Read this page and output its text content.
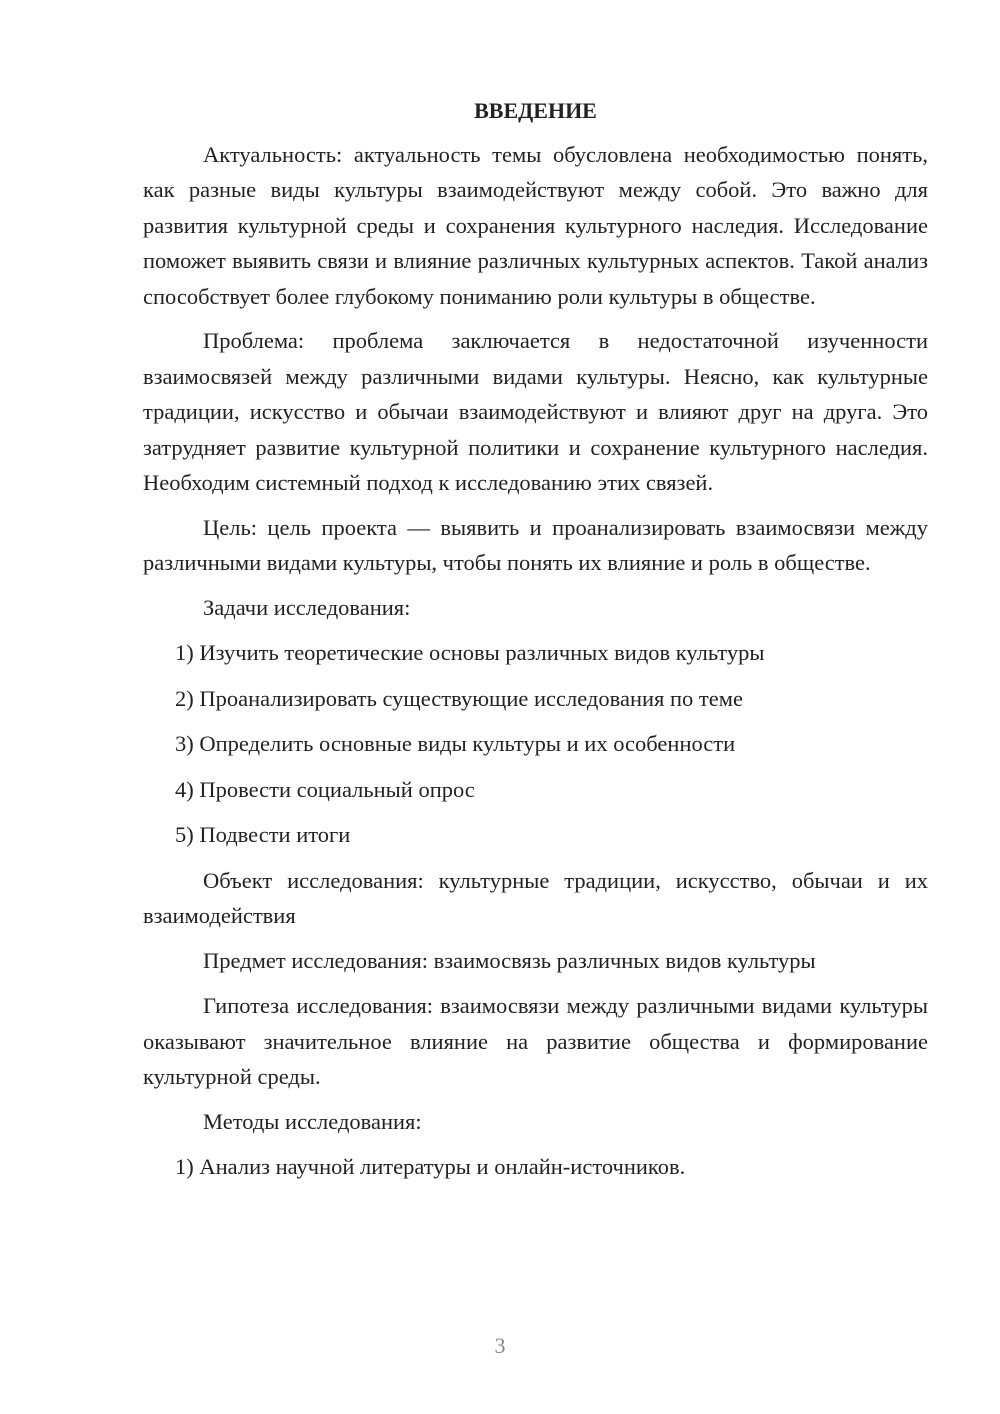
ВВЕДЕНИЕ

Актуальность: актуальность темы обусловлена необходимостью понять, как разные виды культуры взаимодействуют между собой. Это важно для развития культурной среды и сохранения культурного наследия. Исследование поможет выявить связи и влияние различных культурных аспектов. Такой анализ способствует более глубокому пониманию роли культуры в обществе.

Проблема: проблема заключается в недостаточной изученности взаимосвязей между различными видами культуры. Неясно, как культурные традиции, искусство и обычаи взаимодействуют и влияют друг на друга. Это затрудняет развитие культурной политики и сохранение культурного наследия. Необходим системный подход к исследованию этих связей.

Цель: цель проекта — выявить и проанализировать взаимосвязи между различными видами культуры, чтобы понять их влияние и роль в обществе.

Задачи исследования:

1) Изучить теоретические основы различных видов культуры

2) Проанализировать существующие исследования по теме

3) Определить основные виды культуры и их особенности

4) Провести социальный опрос

5) Подвести итоги

Объект исследования: культурные традиции, искусство, обычаи и их взаимодействия

Предмет исследования: взаимосвязь различных видов культуры

Гипотеза исследования: взаимосвязи между различными видами культуры оказывают значительное влияние на развитие общества и формирование культурной среды.

Методы исследования:

1) Анализ научной литературы и онлайн-источников.

3
